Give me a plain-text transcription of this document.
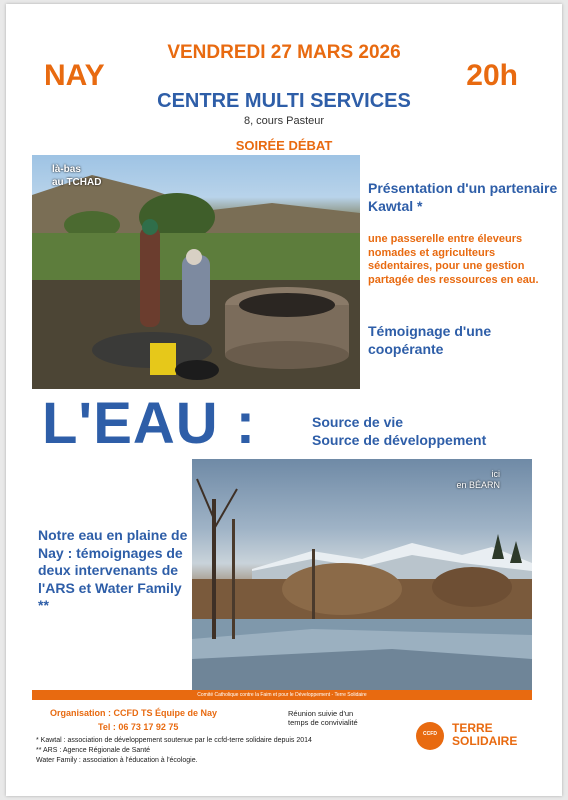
VENDREDI 27 MARS 2026
NAY	20h
CENTRE MULTI SERVICES
8, cours Pasteur
SOIRÉE DÉBAT
là-bas
au TCHAD	Présentation d'un partenaire Kawtal *
une passerelle entre éleveurs nomades et agriculteurs sédentaires, pour une gestion partagée des ressources en eau.
Témoignage d'une coopérante
L'EAU :	Source de vie
Source de développement
ici
en BÉARN
Notre eau en plaine de Nay : témoignages de deux intervenants de l'ARS et Water Family **
Comité Catholique contre la Faim et pour le Développement - Terre Solidaire
Organisation : CCFD TS Équipe de Nay
Tel : 06 73 17 92 75
Réunion suivie d'un
temps de convivialité
* Kawtal : association de développement soutenue par le ccfd-terre solidaire depuis 2014
** ARS : Agence Régionale de Santé
Water Family : association à l'éducation à l'écologie.
CCFD	TERRE
SOLIDAIRE
